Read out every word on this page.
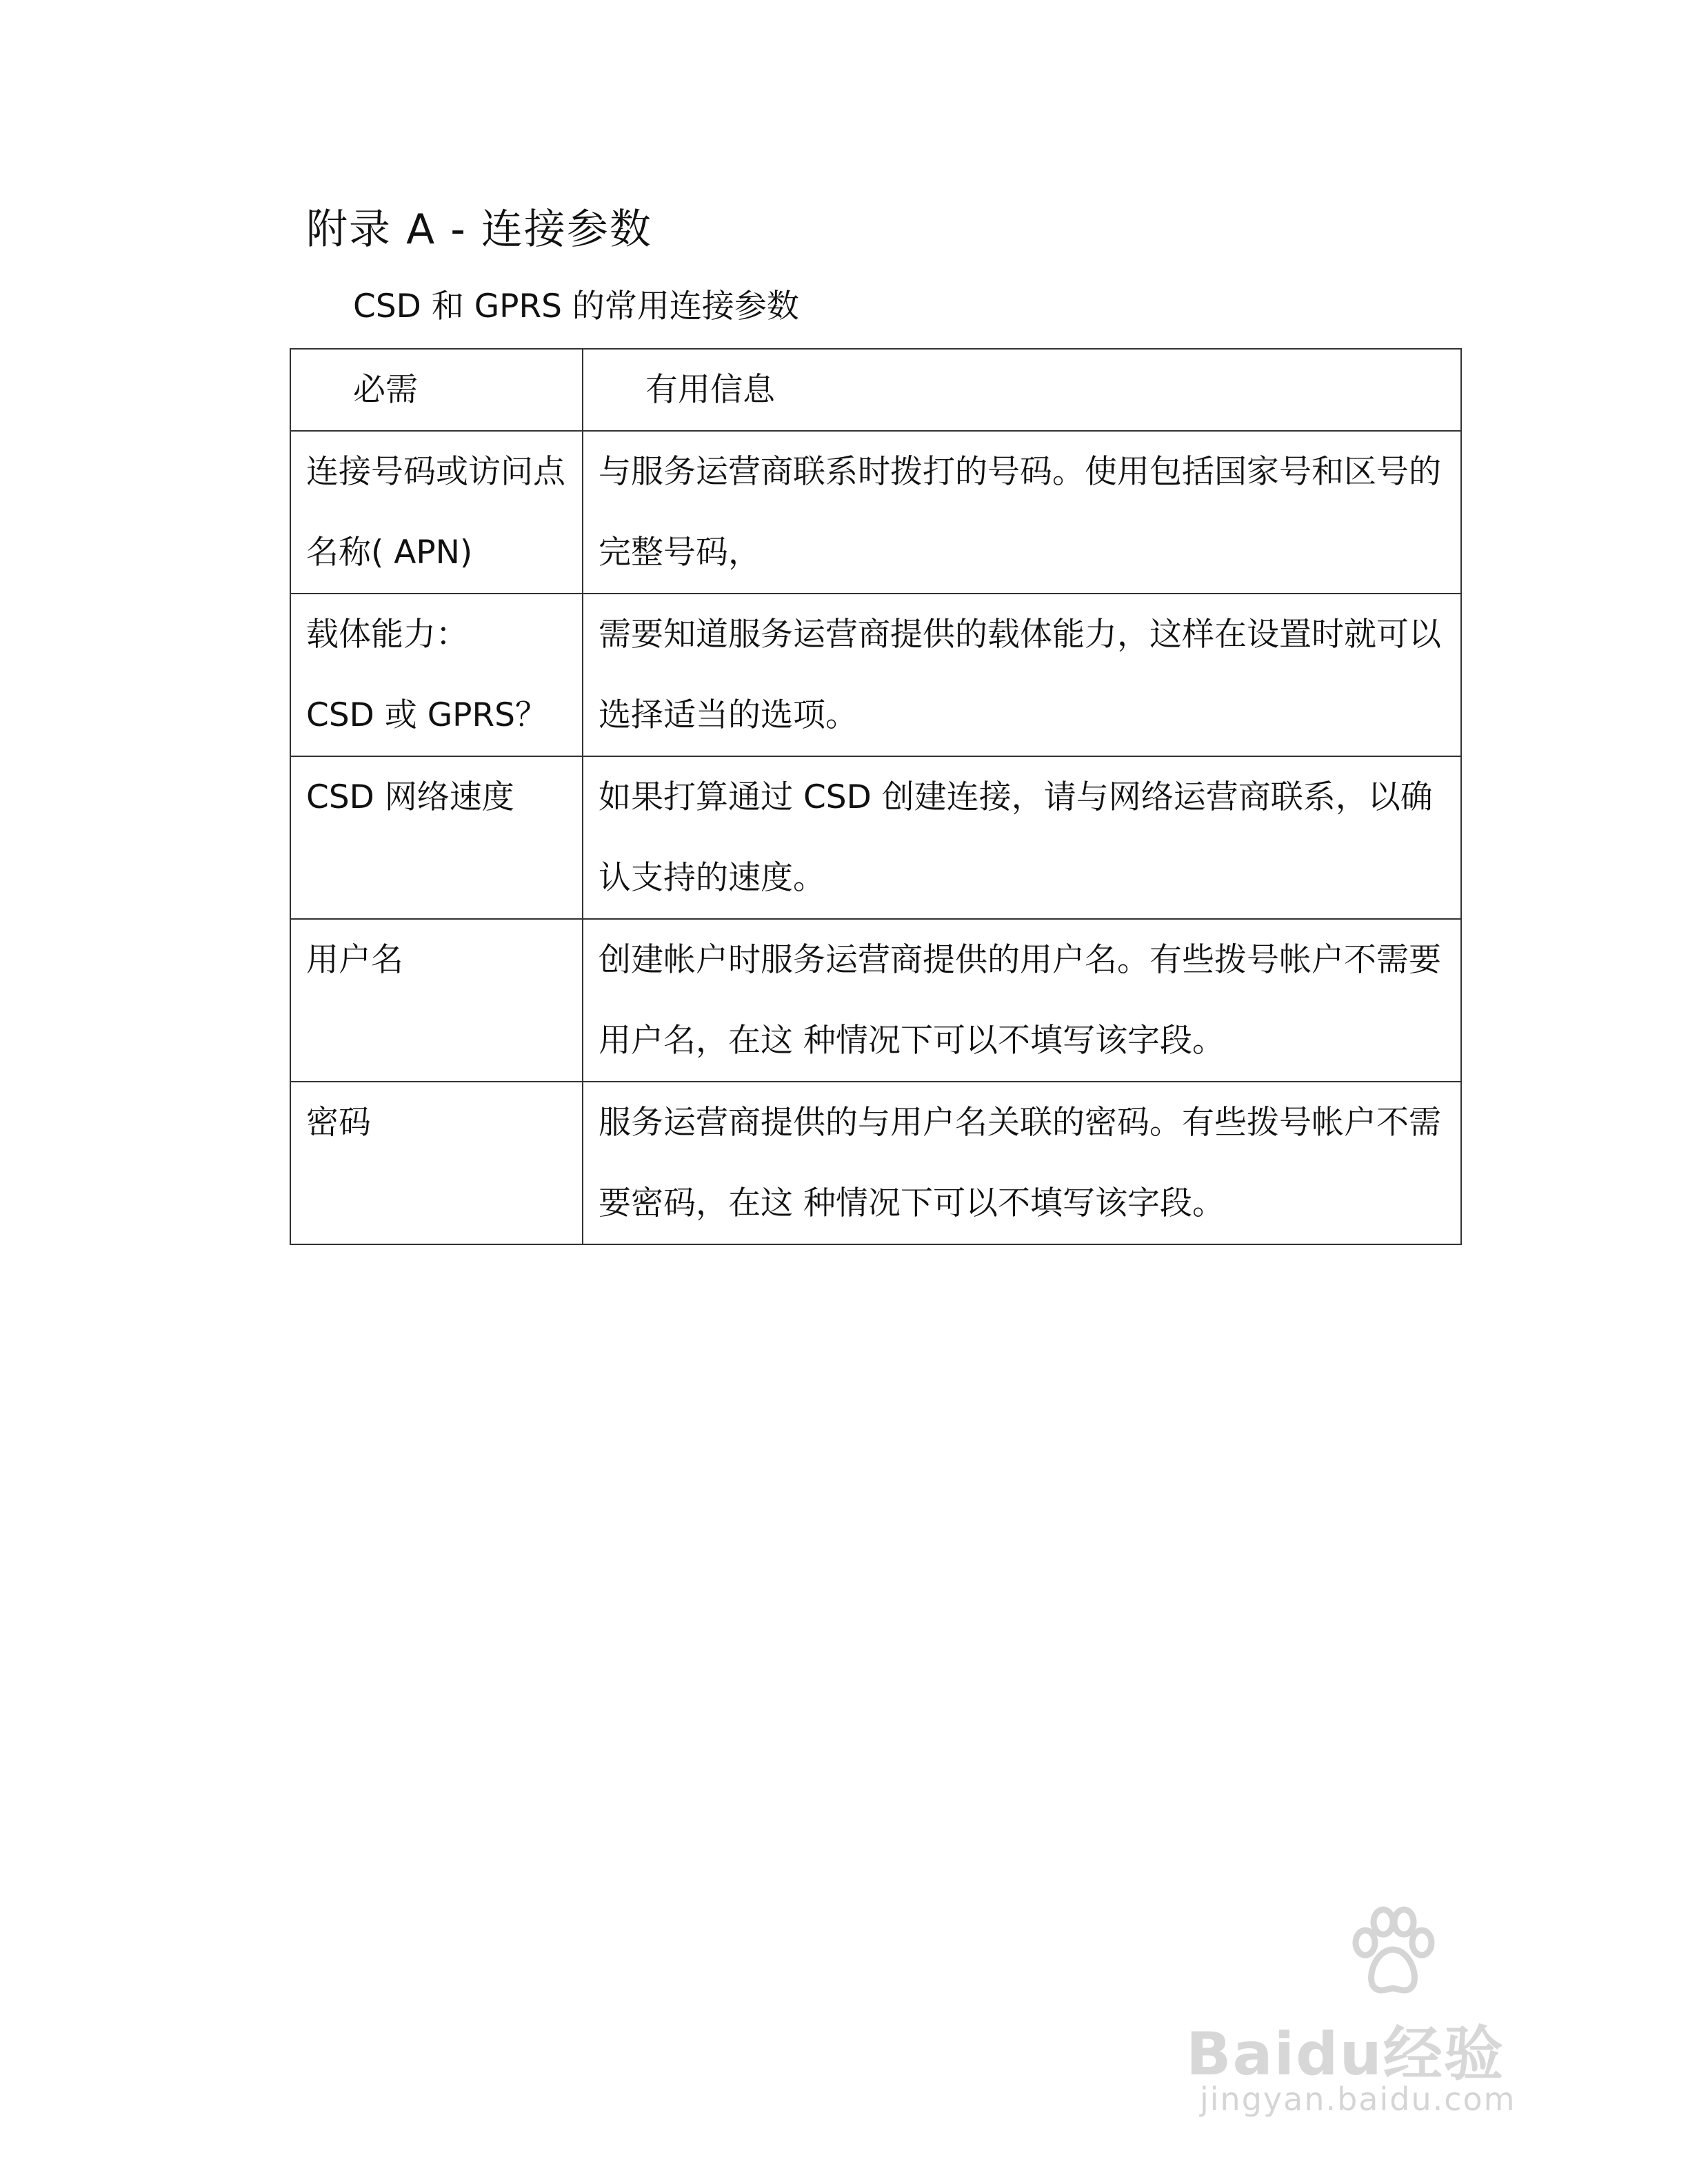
附录 A - 连接参数
CSD 和 GPRS 的常用连接参数
必需	有用信息
连接号码或访问点名称( APN)	与服务运营商联系时拨打的号码。使用包括国家号和区号的完整号码，
载体能力：
CSD 或 GPRS？	需要知道服务运营商提供的载体能力，这样在设置时就可以选择适当的选项。
CSD 网络速度	如果打算通过 CSD 创建连接，请与网络运营商联系，以确认支持的速度。
用户名	创建帐户时服务运营商提供的用户名。有些拨号帐户不需要用户名，在这 种情况下可以不填写该字段。
密码	服务运营商提供的与用户名关联的密码。有些拨号帐户不需要密码，在这 种情况下可以不填写该字段。
Baidu经验
jingyan.baidu.com
